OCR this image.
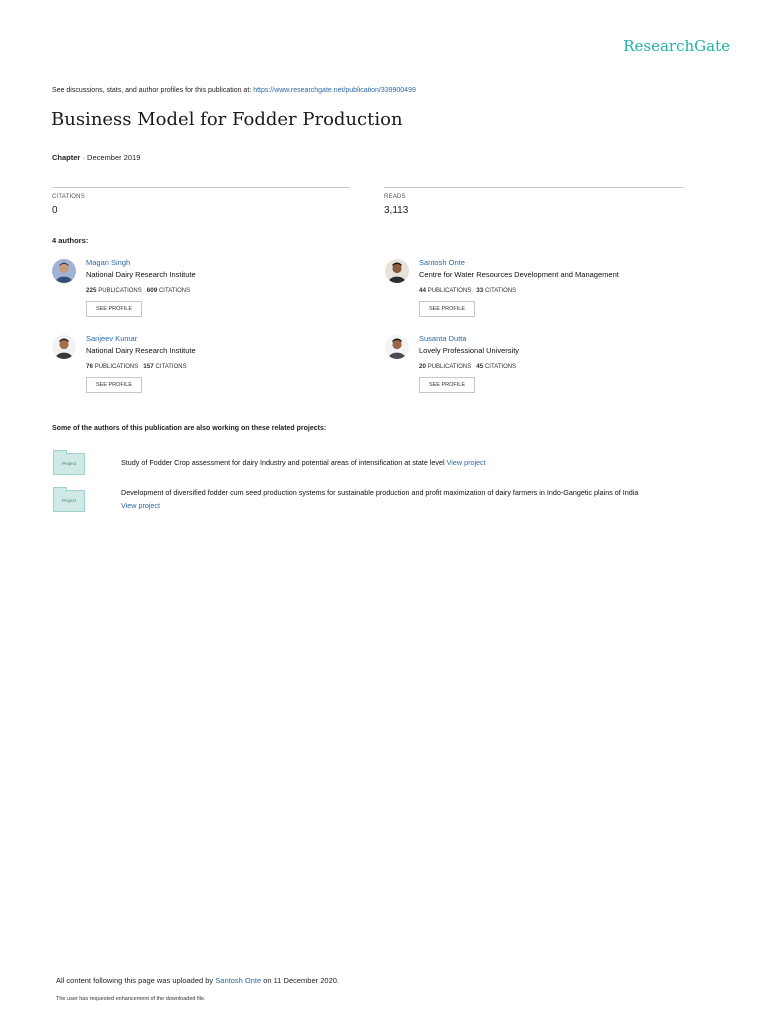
ResearchGate
See discussions, stats, and author profiles for this publication at: https://www.researchgate.net/publication/339900499
Business Model for Fodder Production
Chapter · December 2019
CITATIONS
0
READS
3,113
4 authors:
Magan Singh
National Dairy Research Institute
225 PUBLICATIONS 609 CITATIONS
SEE PROFILE
Santosh Onte
Centre for Water Resources Development and Management
44 PUBLICATIONS 33 CITATIONS
SEE PROFILE
Sanjeev Kumar
National Dairy Research Institute
76 PUBLICATIONS 157 CITATIONS
SEE PROFILE
Susanta Dutta
Lovely Professional University
20 PUBLICATIONS 45 CITATIONS
SEE PROFILE
Some of the authors of this publication are also working on these related projects:
Project	Study of Fodder Crop assessment for dairy Industry and potential areas of intensification at state level View project
Project
Development of diversified fodder cum seed production systems for sustainable production and profit maximization of dairy farmers in Indo-Gangetic plains of India
View project
All content following this page was uploaded by Santosh Onte on 11 December 2020.
The user has requested enhancement of the downloaded file.
